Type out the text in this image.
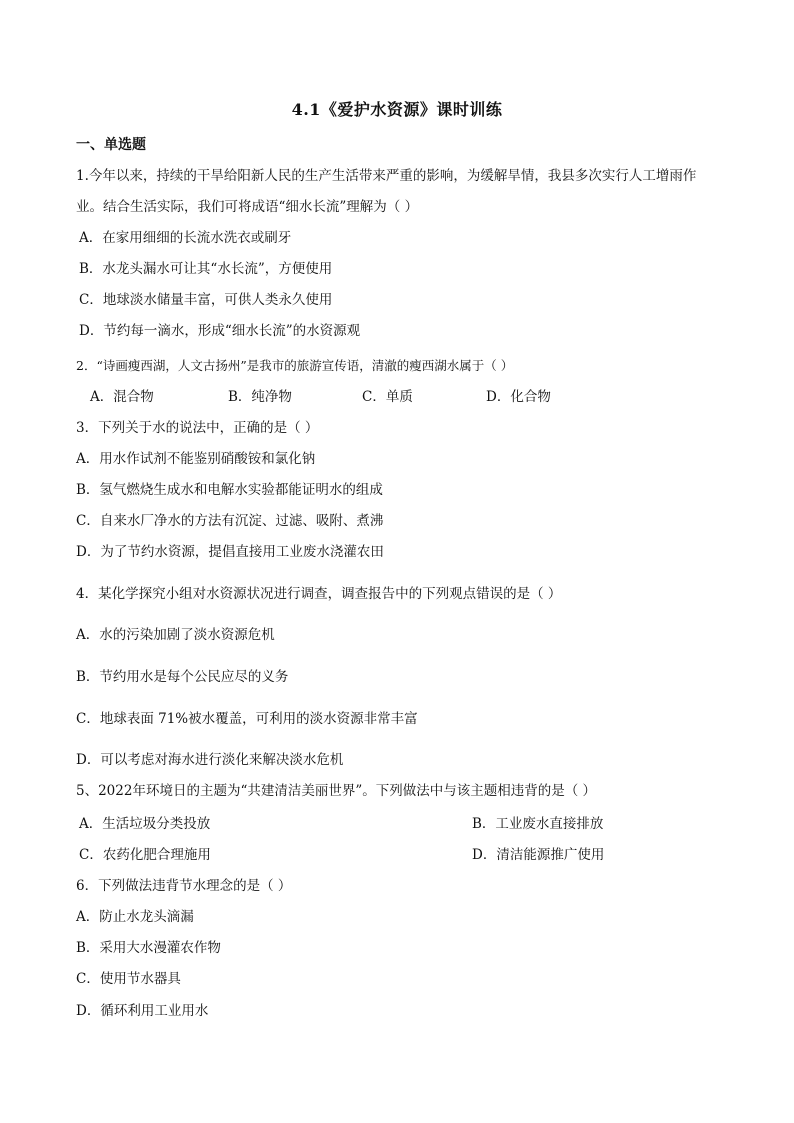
4.1《爱护水资源》课时训练
一、单选题
1.今年以来，持续的干旱给阳新人民的生产生活带来严重的影响，为缓解旱情，我县多次实行人工增雨作
业。结合生活实际，我们可将成语“细水长流”理解为（ ）
A．在家用细细的长流水洗衣或刷牙
B．水龙头漏水可让其“水长流”，方便使用
C．地球淡水储量丰富，可供人类永久使用
D．节约每一滴水，形成“细水长流”的水资源观
2．“诗画瘦西湖，人文古扬州”是我市的旅游宣传语，清澈的瘦西湖水属于（ ）
A．混合物	B．纯净物	C．单质	D．化合物
3．下列关于水的说法中，正确的是（ ）
A．用水作试剂不能鉴别硝酸铵和氯化钠
B．氢气燃烧生成水和电解水实验都能证明水的组成
C．自来水厂净水的方法有沉淀、过滤、吸附、煮沸
D．为了节约水资源，提倡直接用工业废水浇灌农田
4．某化学探究小组对水资源状况进行调查，调查报告中的下列观点错误的是（ ）
A．水的污染加剧了淡水资源危机
B．节约用水是每个公民应尽的义务
C．地球表面 71%被水覆盖，可利用的淡水资源非常丰富
D．可以考虑对海水进行淡化来解决淡水危机
5、2022年环境日的主题为“共建清洁美丽世界”。下列做法中与该主题相违背的是（ ）
A．生活垃圾分类投放	B．工业废水直接排放
C．农药化肥合理施用	D．清洁能源推广使用
6．下列做法违背节水理念的是（ ）
A．防止水龙头滴漏
B．采用大水漫灌农作物
C．使用节水器具
D．循环利用工业用水
